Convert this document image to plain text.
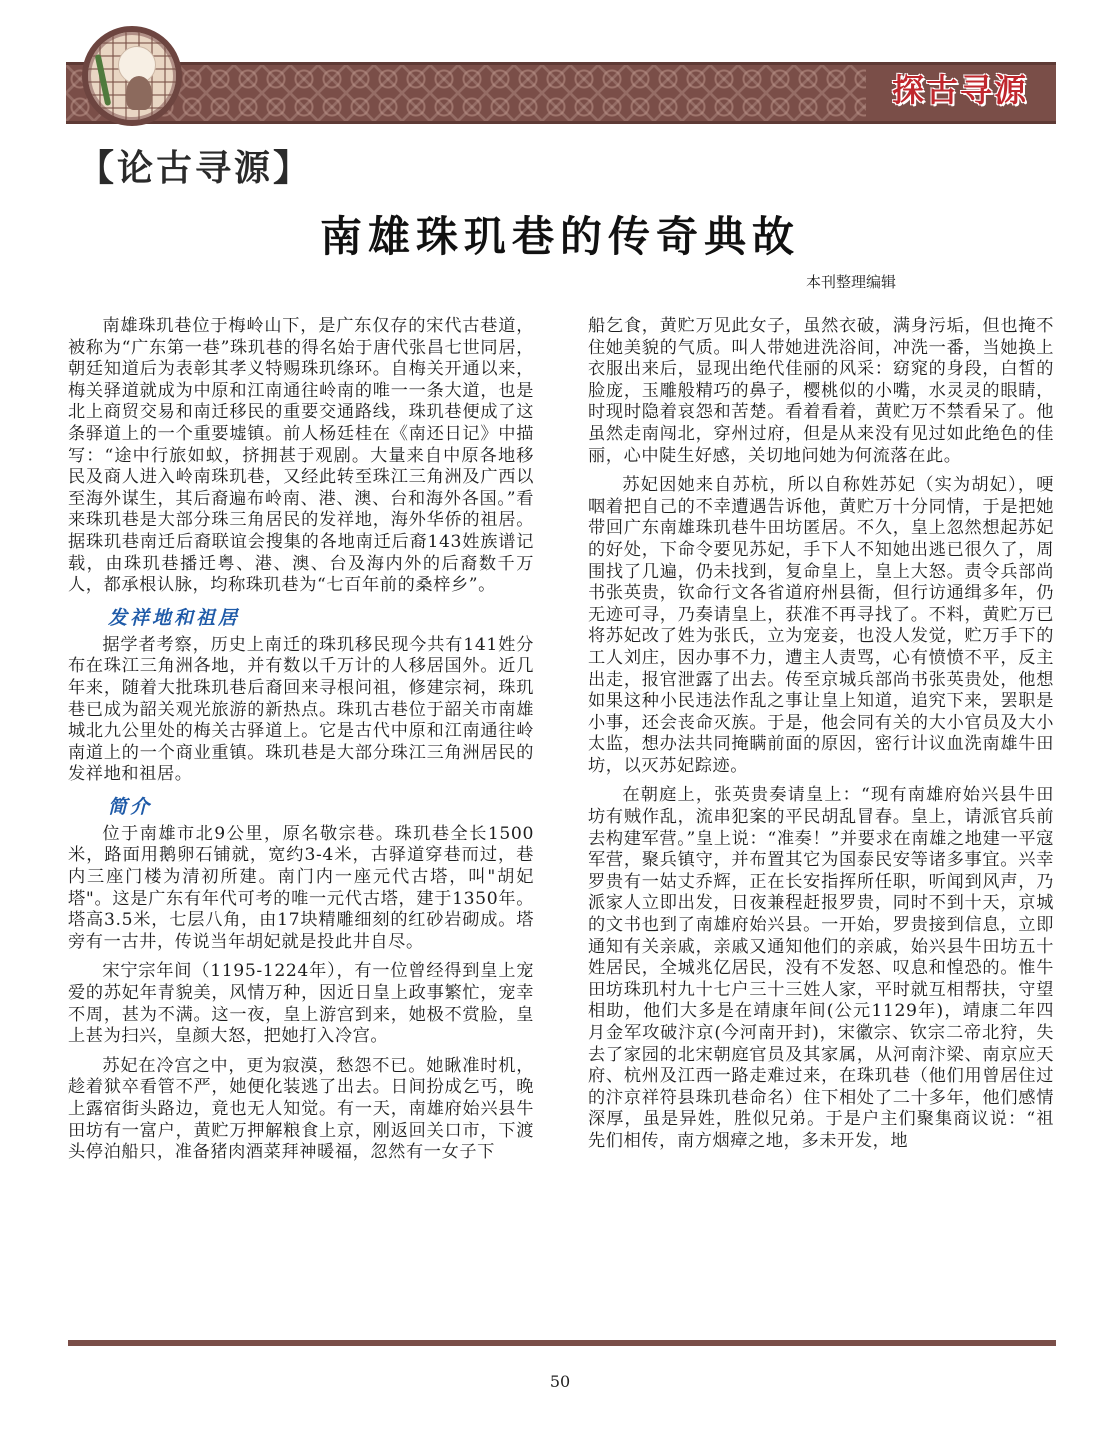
探古寻源
【论古寻源】
南雄珠玑巷的传奇典故
本刊整理编辑

南雄珠玑巷位于梅岭山下，是广东仅存的宋代古巷道，被称为“广东第一巷”珠玑巷的得名始于唐代张昌七世同居，朝廷知道后为表彰其孝义特赐珠玑绦环。自梅关开通以来，梅关驿道就成为中原和江南通往岭南的唯一一条大道，也是北上商贸交易和南迁移民的重要交通路线，珠玑巷便成了这条驿道上的一个重要墟镇。前人杨廷桂在《南还日记》中描写：“途中行旅如蚁，挤拥甚于观剧。大量来自中原各地移民及商人进入岭南珠玑巷，又经此转至珠江三角洲及广西以至海外谋生，其后裔遍布岭南、港、澳、台和海外各国。”看来珠玑巷是大部分珠三角居民的发祥地，海外华侨的祖居。据珠玑巷南迁后裔联谊会搜集的各地南迁后裔143姓族谱记载，由珠玑巷播迁粤、港、澳、台及海内外的后裔数千万人，都承根认脉，均称珠玑巷为“七百年前的桑梓乡”。

发祥地和祖居

据学者考察，历史上南迁的珠玑移民现今共有141姓分布在珠江三角洲各地，并有数以千万计的人移居国外。近几年来，随着大批珠玑巷后裔回来寻根问祖，修建宗祠，珠玑巷已成为韶关观光旅游的新热点。珠玑古巷位于韶关市南雄城北九公里处的梅关古驿道上。它是古代中原和江南通往岭南道上的一个商业重镇。珠玑巷是大部分珠江三角洲居民的发祥地和祖居。

简介

位于南雄市北9公里，原名敬宗巷。珠玑巷全长1500米，路面用鹅卵石铺就，宽约3-4米，古驿道穿巷而过，巷内三座门楼为清初所建。南门内一座元代古塔，叫"胡妃塔"。这是广东有年代可考的唯一元代古塔，建于1350年。塔高3.5米，七层八角，由17块精雕细刻的红砂岩砌成。塔旁有一古井，传说当年胡妃就是投此井自尽。

宋宁宗年间（1195-1224年），有一位曾经得到皇上宠爱的苏妃年青貌美，风情万种，因近日皇上政事繁忙，宠幸不周，甚为不满。这一夜，皇上游宫到来，她极不赏脸，皇上甚为扫兴，皇颜大怒，把她打入冷宫。

苏妃在冷宫之中，更为寂漠，愁怨不已。她瞅准时机，趁着狱卒看管不严，她便化装逃了出去。日间扮成乞丐，晚上露宿街头路边，竟也无人知觉。有一天，南雄府始兴县牛田坊有一富户，黄贮万押解粮食上京，刚返回关口市，下渡头停泊船只，准备猪肉酒菜拜神暖福，忽然有一女子下

船乞食，黄贮万见此女子，虽然衣破，满身污垢，但也掩不住她美貌的气质。叫人带她进洗浴间，冲洗一番，当她换上衣服出来后，显现出绝代佳丽的风采：窈窕的身段，白皙的脸庞，玉雕般精巧的鼻子，樱桃似的小嘴，水灵灵的眼睛，时现时隐着哀怨和苦楚。看着看着，黄贮万不禁看呆了。他虽然走南闯北，穿州过府，但是从来没有见过如此绝色的佳丽，心中陡生好感，关切地问她为何流落在此。

苏妃因她来自苏杭，所以自称姓苏妃（实为胡妃），哽咽着把自己的不幸遭遇告诉他，黄贮万十分同情，于是把她带回广东南雄珠玑巷牛田坊匿居。不久，皇上忽然想起苏妃的好处，下命令要见苏妃，手下人不知她出逃已很久了，周围找了几遍，仍未找到，复命皇上，皇上大怒。责令兵部尚书张英贵，钦命行文各省道府州县衙，但行访通缉多年，仍无迹可寻，乃奏请皇上，获准不再寻找了。不料，黄贮万已将苏妃改了姓为张氏，立为宠妾，也没人发觉，贮万手下的工人刘庄，因办事不力，遭主人责骂，心有愤愤不平，反主出走，报官泄露了出去。传至京城兵部尚书张英贵处，他想如果这种小民违法作乱之事让皇上知道，追究下来，罢职是小事，还会丧命灭族。于是，他会同有关的大小官员及大小太监，想办法共同掩瞒前面的原因，密行计议血洗南雄牛田坊，以灭苏妃踪迹。

在朝庭上，张英贵奏请皇上：“现有南雄府始兴县牛田坊有贼作乱，流串犯案的平民胡乱冒春。皇上，请派官兵前去构建军营。”皇上说：“准奏！”并要求在南雄之地建一平寇军营，聚兵镇守，并布置其它为国泰民安等诸多事宜。兴幸罗贵有一姑丈乔辉，正在长安指挥所任职，听闻到风声，乃派家人立即出发，日夜兼程赶报罗贵，同时不到十天，京城的文书也到了南雄府始兴县。一开始，罗贵接到信息，立即通知有关亲戚，亲戚又通知他们的亲戚，始兴县牛田坊五十姓居民，全城兆亿居民，没有不发怒、叹息和惶恐的。惟牛田坊珠玑村九十七户三十三姓人家，平时就互相帮扶，守望相助，他们大多是在靖康年间(公元1129年)，靖康二年四月金军攻破汴京(今河南开封)，宋徽宗、钦宗二帝北狩，失去了家园的北宋朝庭官员及其家属，从河南汴梁、南京应天府、杭州及江西一路走难过来，在珠玑巷（他们用曾居住过的汴京祥符县珠玑巷命名）住下相处了二十多年，他们感情深厚，虽是异姓，胜似兄弟。于是户主们聚集商议说：“祖先们相传，南方烟瘴之地，多未开发，地

50
